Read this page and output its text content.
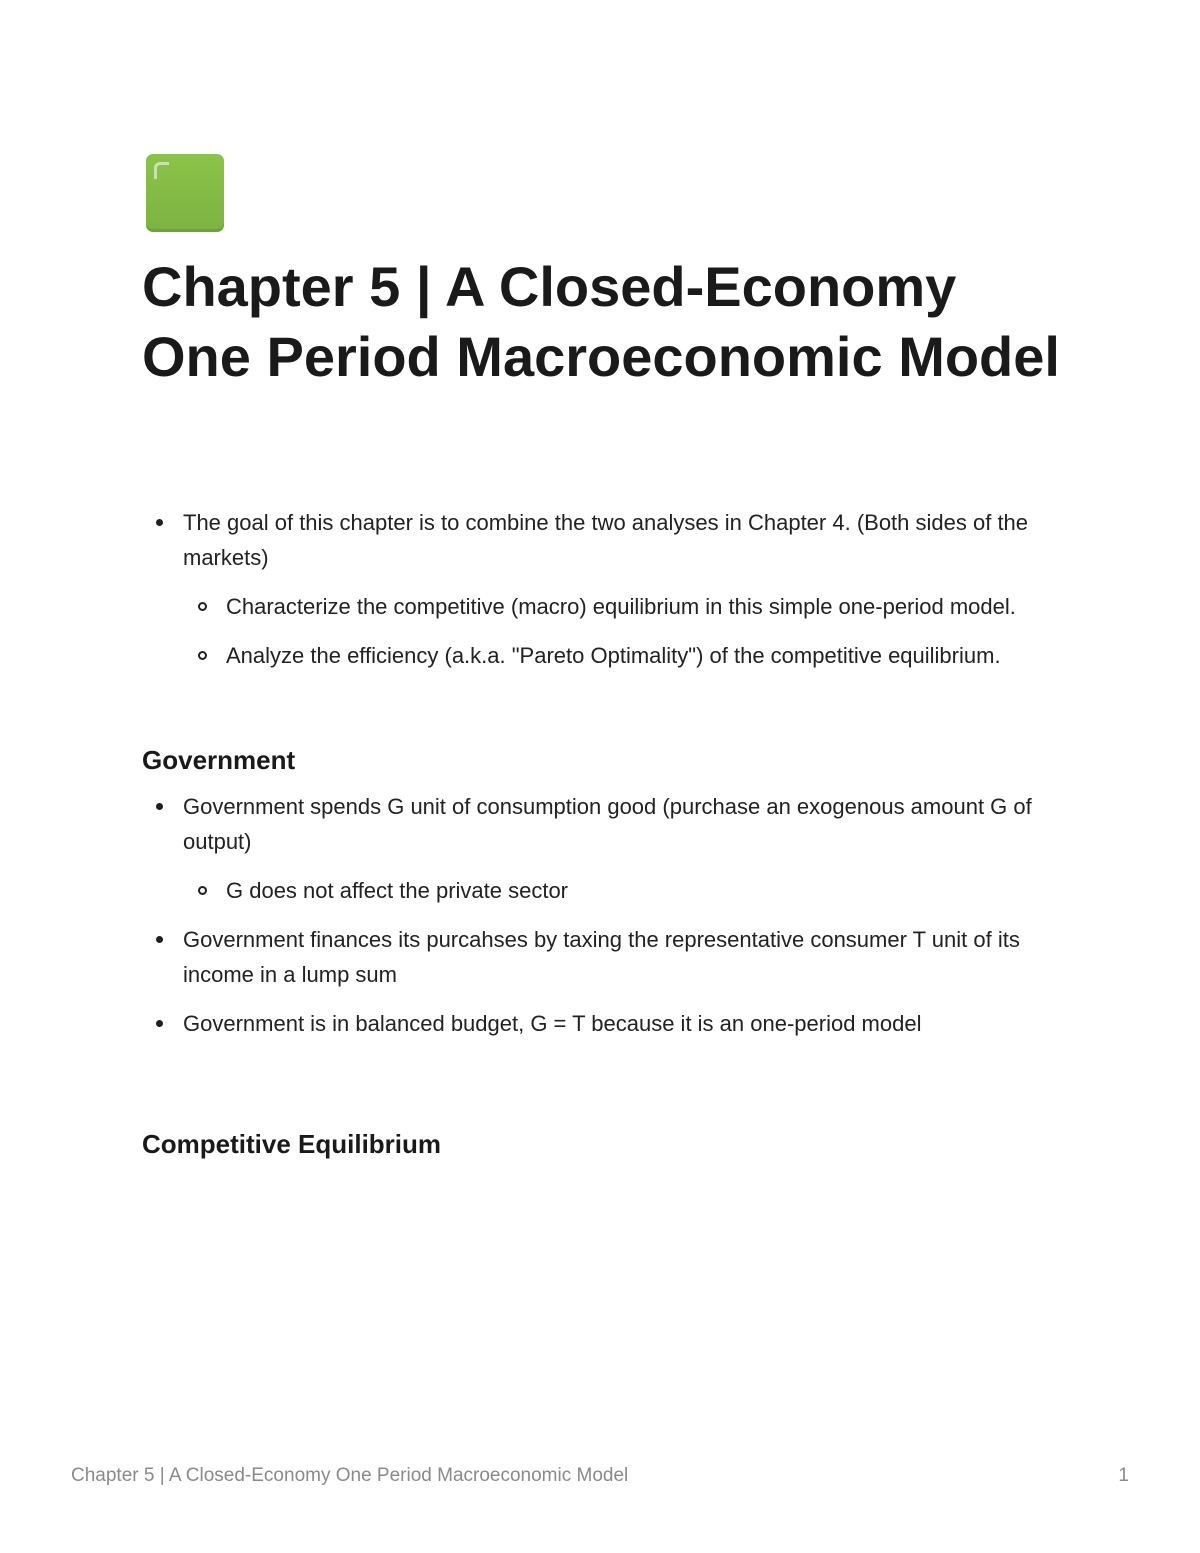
Chapter 5 | A Closed-Economy One Period Macroeconomic Model
The goal of this chapter is to combine the two analyses in Chapter 4. (Both sides of the markets)
Characterize the competitive (macro) equilibrium in this simple one-period model.
Analyze the efficiency (a.k.a. "Pareto Optimality") of the competitive equilibrium.
Government
Government spends G unit of consumption good (purchase an exogenous amount G of output)
G does not affect the private sector
Government finances its purcahses by taxing the representative consumer T unit of its income in a lump sum
Government is in balanced budget, G = T because it is an one-period model
Competitive Equilibrium
Chapter 5 | A Closed-Economy One Period Macroeconomic Model	1
